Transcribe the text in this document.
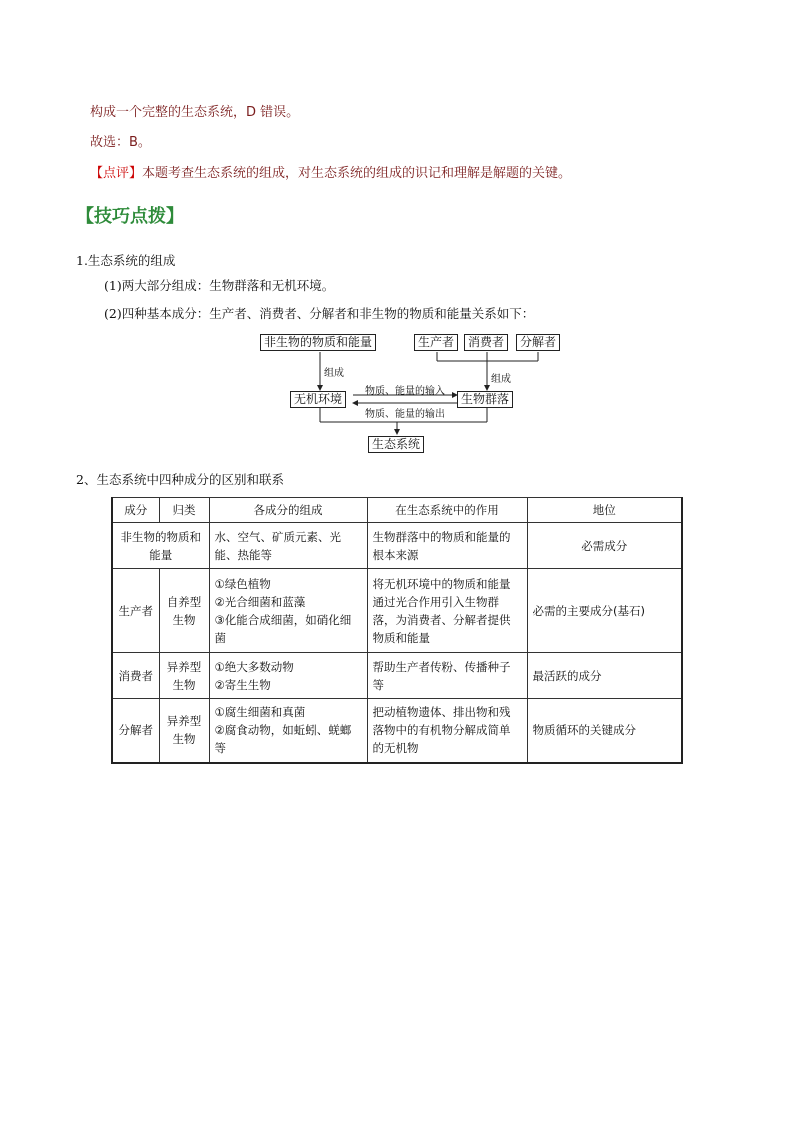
构成一个完整的生态系统，D 错误。
故选：B。
【点评】本题考查生态系统的组成，对生态系统的组成的识记和理解是解题的关键。
【技巧点拨】
1.生态系统的组成
(1)两大部分组成：生物群落和无机环境。
(2)四种基本成分：生产者、消费者、分解者和非生物的物质和能量关系如下：
非生物的物质和能量	生产者	消费者	分解者
组成
组成
无机环境	生物群落
物质、能量的输入
物质、能量的输出
生态系统
2、生态系统中四种成分的区别和联系
成分	归类	各成分的组成	在生态系统中的作用	地位
非生物的物质和能量		水、空气、矿质元素、光能、热能等	生物群落中的物质和能量的根本来源	必需成分
生产者	自养型生物	①绿色植物
②光合细菌和蓝藻
③化能合成细菌，如硝化细菌	将无机环境中的物质和能量通过光合作用引入生物群落，为消费者、分解者提供物质和能量	必需的主要成分(基石)
消费者	异养型生物	①绝大多数动物
②寄生生物	帮助生产者传粉、传播种子等	最活跃的成分
分解者	异养型生物	①腐生细菌和真菌
②腐食动物，如蚯蚓、蜣螂等	把动植物遗体、排出物和残落物中的有机物分解成简单的无机物	物质循环的关键成分
